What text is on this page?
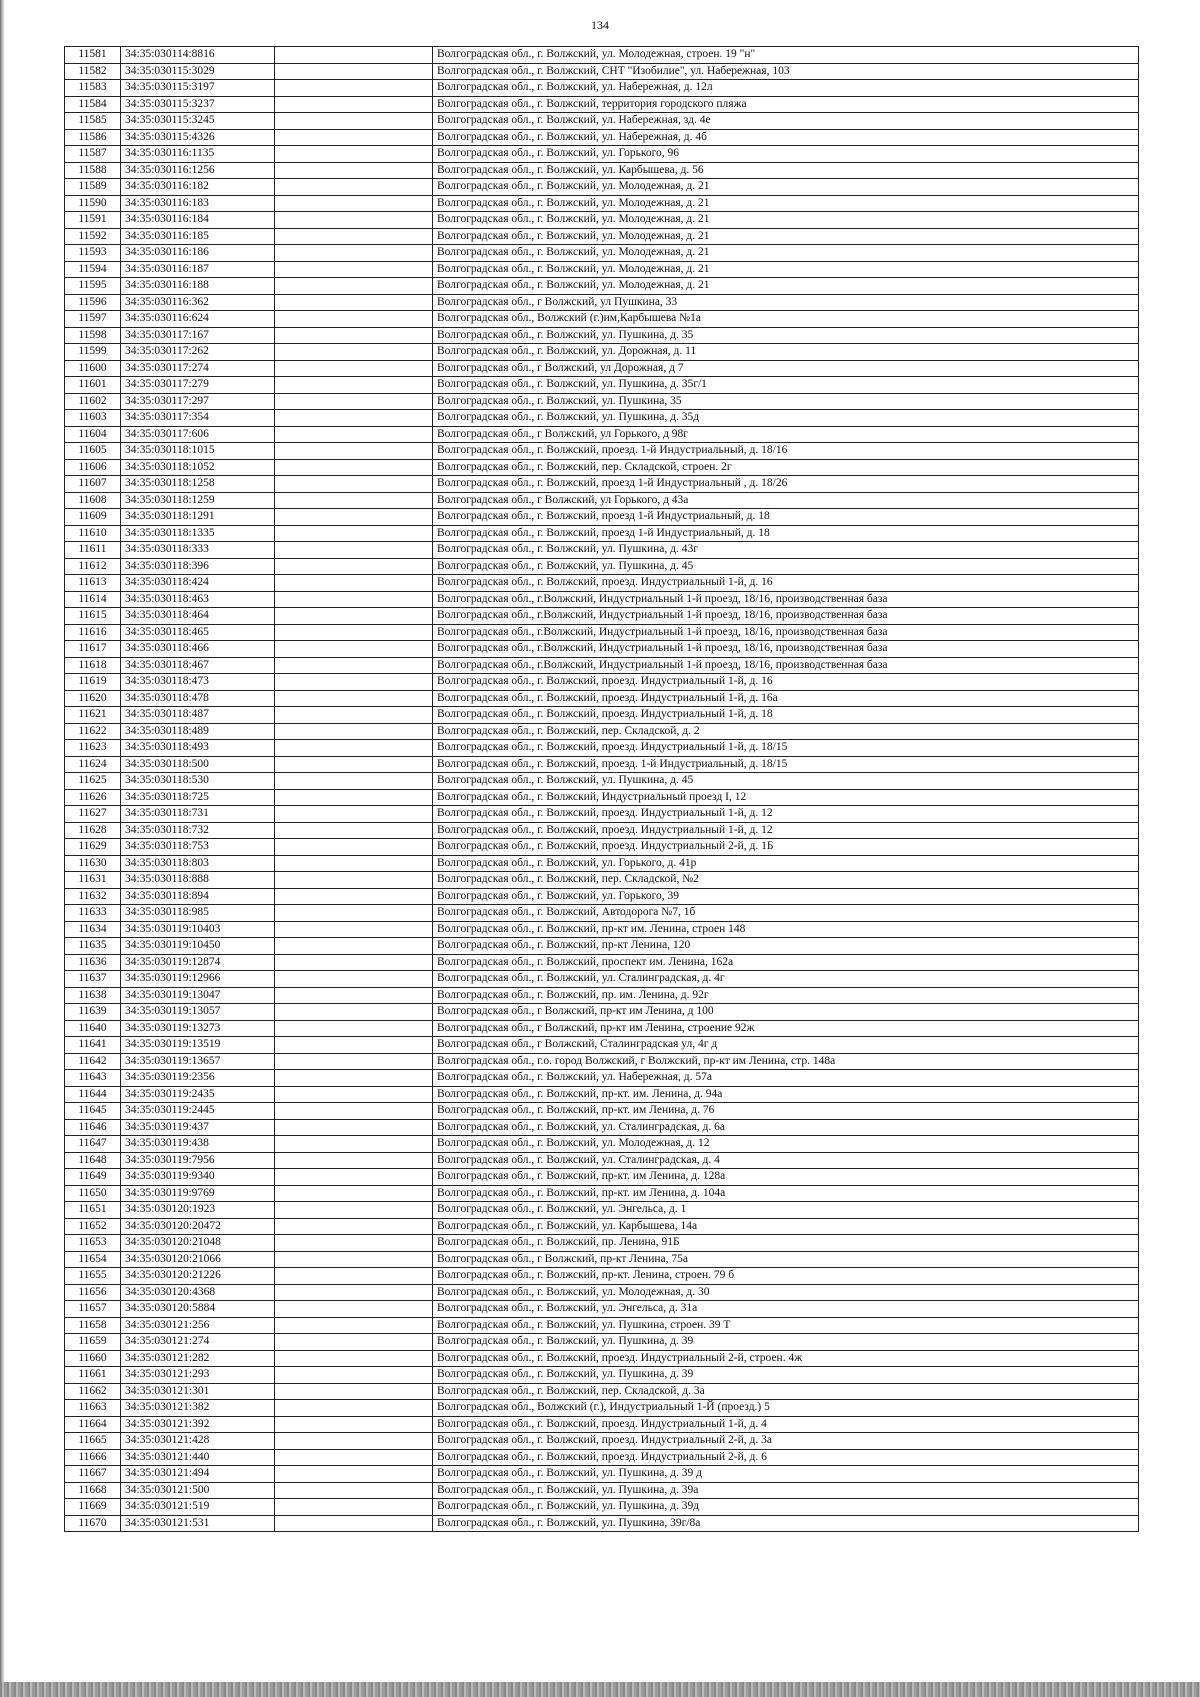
134
11581	34:35:030114:8816		Волгоградская обл., г. Волжский, ул. Молодежная, строен. 19 "н"
11582	34:35:030115:3029		Волгоградская обл., г. Волжский, СНТ "Изобилие", ул. Набережная, 103
11583	34:35:030115:3197		Волгоградская обл., г. Волжский, ул. Набережная, д. 12л
11584	34:35:030115:3237		Волгоградская обл., г. Волжский, территория городского пляжа
11585	34:35:030115:3245		Волгоградская обл., г. Волжский, ул. Набережная, зд. 4е
11586	34:35:030115:4326		Волгоградская обл., г. Волжский, ул. Набережная, д. 4б
11587	34:35:030116:1135		Волгоградская обл., г. Волжский, ул. Горького, 96
11588	34:35:030116:1256		Волгоградская обл., г. Волжский, ул. Карбышева, д. 56
11589	34:35:030116:182		Волгоградская обл., г. Волжский, ул. Молодежная, д. 21
11590	34:35:030116:183		Волгоградская обл., г. Волжский, ул. Молодежная, д. 21
11591	34:35:030116:184		Волгоградская обл., г. Волжский, ул. Молодежная, д. 21
11592	34:35:030116:185		Волгоградская обл., г. Волжский, ул. Молодежная, д. 21
11593	34:35:030116:186		Волгоградская обл., г. Волжский, ул. Молодежная, д. 21
11594	34:35:030116:187		Волгоградская обл., г. Волжский, ул. Молодежная, д. 21
11595	34:35:030116:188		Волгоградская обл., г. Волжский, ул. Молодежная, д. 21
11596	34:35:030116:362		Волгоградская обл., г Волжский, ул Пушкина, 33
11597	34:35:030116:624		Волгоградская обл., Волжский (г.)им,Карбышева №1а
11598	34:35:030117:167		Волгоградская обл., г. Волжский, ул. Пушкина, д. 35
11599	34:35:030117:262		Волгоградская обл., г. Волжский, ул. Дорожная, д. 11
11600	34:35:030117:274		Волгоградская обл., г Волжский, ул Дорожная, д 7
11601	34:35:030117:279		Волгоградская обл., г. Волжский, ул. Пушкина, д. 35г/1
11602	34:35:030117:297		Волгоградская обл., г. Волжский, ул. Пушкина, 35
11603	34:35:030117:354		Волгоградская обл., г. Волжский, ул. Пушкина, д. 35д
11604	34:35:030117:606		Волгоградская обл., г Волжский, ул Горького, д 98г
11605	34:35:030118:1015		Волгоградская обл., г. Волжский, проезд. 1-й Индустриальный, д. 18/16
11606	34:35:030118:1052		Волгоградская обл., г. Волжский, пер. Складской, строен. 2г
11607	34:35:030118:1258		Волгоградская обл., г. Волжский, проезд 1-й Индустриальный , д. 18/26
11608	34:35:030118:1259		Волгоградская обл., г Волжский, ул Горького, д 43а
11609	34:35:030118:1291		Волгоградская обл., г. Волжский, проезд 1-й Индустриальный, д. 18
11610	34:35:030118:1335		Волгоградская обл., г. Волжский, проезд 1-й Индустриальный, д. 18
11611	34:35:030118:333		Волгоградская обл., г. Волжский, ул. Пушкина, д. 43г
11612	34:35:030118:396		Волгоградская обл., г. Волжский, ул. Пушкина, д. 45
11613	34:35:030118:424		Волгоградская обл., г. Волжский, проезд. Индустриальный 1-й, д. 16
11614	34:35:030118:463		Волгоградская обл., г.Волжский, Индустриальный 1-й проезд, 18/16, производственная база
11615	34:35:030118:464		Волгоградская обл., г.Волжский, Индустриальный 1-й проезд, 18/16, производственная база
11616	34:35:030118:465		Волгоградская обл., г.Волжский, Индустриальный 1-й проезд, 18/16, производственная база
11617	34:35:030118:466		Волгоградская обл., г.Волжский, Индустриальный 1-й проезд, 18/16, производственная база
11618	34:35:030118:467		Волгоградская обл., г.Волжский, Индустриальный 1-й проезд, 18/16, производственная база
11619	34:35:030118:473		Волгоградская обл., г. Волжский, проезд. Индустриальный 1-й, д. 16
11620	34:35:030118:478		Волгоградская обл., г. Волжский, проезд. Индустриальный 1-й, д. 16а
11621	34:35:030118:487		Волгоградская обл., г. Волжский, проезд. Индустриальный 1-й, д. 18
11622	34:35:030118:489		Волгоградская обл., г. Волжский, пер. Складской, д. 2
11623	34:35:030118:493		Волгоградская обл., г. Волжский, проезд. Индустриальный 1-й, д. 18/15
11624	34:35:030118:500		Волгоградская обл., г. Волжский, проезд. 1-й Индустриальный, д. 18/15
11625	34:35:030118:530		Волгоградская обл., г. Волжский, ул. Пушкина, д. 45
11626	34:35:030118:725		Волгоградская обл., г. Волжский, Индустриальный проезд I, 12
11627	34:35:030118:731		Волгоградская обл., г. Волжский, проезд. Индустриальный 1-й, д. 12
11628	34:35:030118:732		Волгоградская обл., г. Волжский, проезд. Индустриальный 1-й, д. 12
11629	34:35:030118:753		Волгоградская обл., г. Волжский, проезд. Индустриальный 2-й, д. 1Б
11630	34:35:030118:803		Волгоградская обл., г. Волжский, ул. Горького, д. 41р
11631	34:35:030118:888		Волгоградская обл., г. Волжский, пер. Складской, №2
11632	34:35:030118:894		Волгоградская обл., г. Волжский, ул. Горького, 39
11633	34:35:030118:985		Волгоградская обл., г. Волжский, Автодорога №7, 1б
11634	34:35:030119:10403		Волгоградская обл., г. Волжский, пр-кт им. Ленина, строен 148
11635	34:35:030119:10450		Волгоградская обл., г. Волжский, пр-кт Ленина, 120
11636	34:35:030119:12874		Волгоградская обл., г. Волжский, проспект им. Ленина, 162а
11637	34:35:030119:12966		Волгоградская обл., г. Волжский, ул. Сталинградская, д. 4г
11638	34:35:030119:13047		Волгоградская обл., г. Волжский, пр. им. Ленина, д. 92г
11639	34:35:030119:13057		Волгоградская обл., г Волжский, пр-кт им Ленина, д 100
11640	34:35:030119:13273		Волгоградская обл., г Волжский, пр-кт им Ленина, строение 92ж
11641	34:35:030119:13519		Волгоградская обл., г Волжский, Сталинградская ул, 4г д
11642	34:35:030119:13657		Волгоградская обл., г.о. город Волжский, г Волжский, пр-кт им Ленина, стр. 148а
11643	34:35:030119:2356		Волгоградская обл., г. Волжский, ул. Набережная, д. 57а
11644	34:35:030119:2435		Волгоградская обл., г. Волжский, пр-кт. им. Ленина, д. 94а
11645	34:35:030119:2445		Волгоградская обл., г. Волжский, пр-кт. им Ленина, д. 76
11646	34:35:030119:437		Волгоградская обл., г. Волжский, ул. Сталинградская, д. 6а
11647	34:35:030119:438		Волгоградская обл., г. Волжский, ул. Молодежная, д. 12
11648	34:35:030119:7956		Волгоградская обл., г. Волжский, ул. Сталинградская, д. 4
11649	34:35:030119:9340		Волгоградская обл., г. Волжский, пр-кт. им Ленина, д. 128а
11650	34:35:030119:9769		Волгоградская обл., г. Волжский, пр-кт. им Ленина, д. 104а
11651	34:35:030120:1923		Волгоградская обл., г. Волжский, ул. Энгельса, д. 1
11652	34:35:030120:20472		Волгоградская обл., г. Волжский, ул. Карбышева, 14а
11653	34:35:030120:21048		Волгоградская обл., г. Волжский, пр. Ленина, 91Б
11654	34:35:030120:21066		Волгоградская обл., г Волжский, пр-кт Ленина, 75а
11655	34:35:030120:21226		Волгоградская обл., г. Волжский, пр-кт. Ленина, строен. 79 б
11656	34:35:030120:4368		Волгоградская обл., г. Волжский, ул. Молодежная, д. 30
11657	34:35:030120:5884		Волгоградская обл., г. Волжский, ул. Энгельса, д. 31а
11658	34:35:030121:256		Волгоградская обл., г. Волжский, ул. Пушкина, строен. 39 Т
11659	34:35:030121:274		Волгоградская обл., г. Волжский, ул. Пушкина, д. 39
11660	34:35:030121:282		Волгоградская обл., г. Волжский, проезд. Индустриальный 2-й, строен. 4ж
11661	34:35:030121:293		Волгоградская обл., г. Волжский, ул. Пушкина, д. 39
11662	34:35:030121:301		Волгоградская обл., г. Волжский, пер. Складской, д. 3а
11663	34:35:030121:382		Волгоградская обл., Волжский (г.), Индустриальный 1-Й (проезд.) 5
11664	34:35:030121:392		Волгоградская обл., г. Волжский, проезд. Индустриальный 1-й, д. 4
11665	34:35:030121:428		Волгоградская обл., г. Волжский, проезд. Индустриальный 2-й, д. 3а
11666	34:35:030121:440		Волгоградская обл., г. Волжский, проезд. Индустриальный 2-й, д. 6
11667	34:35:030121:494		Волгоградская обл., г. Волжский, ул. Пушкина, д. 39 д
11668	34:35:030121:500		Волгоградская обл., г. Волжский, ул. Пушкина, д. 39а
11669	34:35:030121:519		Волгоградская обл., г. Волжский, ул. Пушкина, д. 39д
11670	34:35:030121:531		Волгоградская обл., г. Волжский, ул. Пушкина, 39г/8а
